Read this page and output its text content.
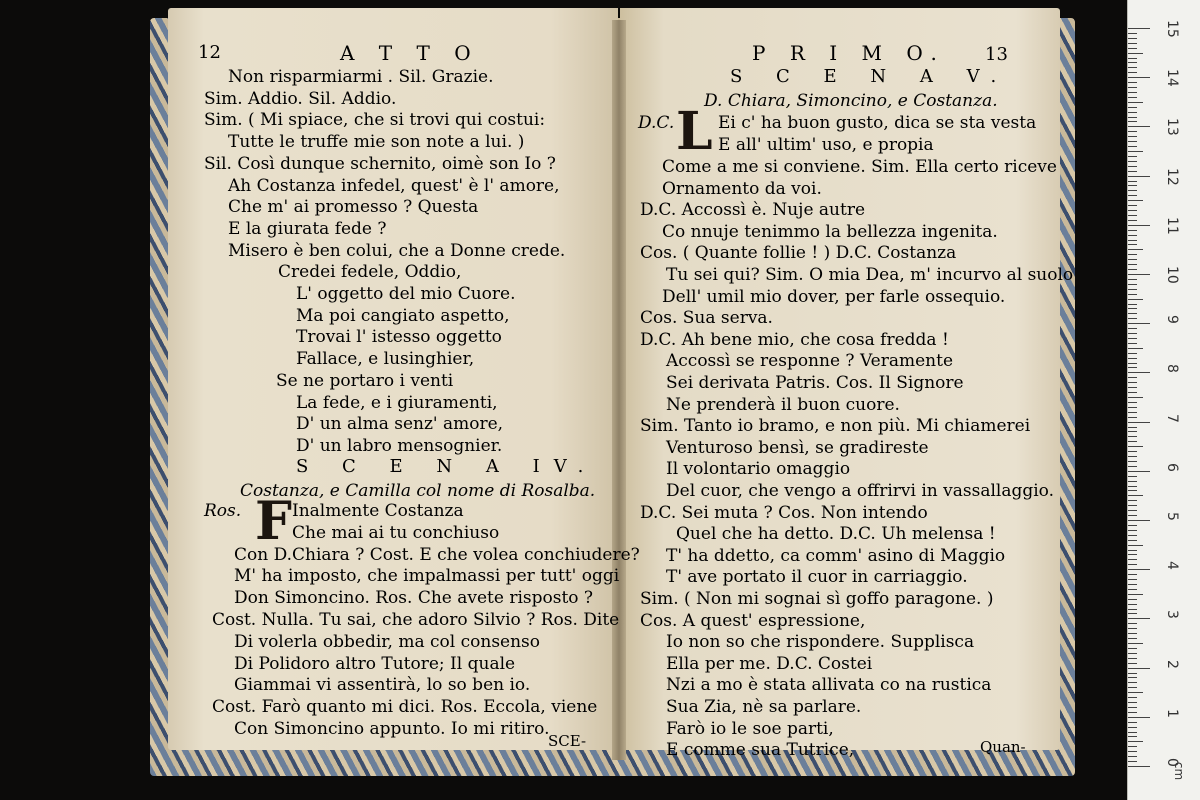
12	A T T O
Non risparmiarmi . Sil. Grazie.
Sim. Addio. Sil. Addio.
Sim. ( Mi spiace, che si trovi qui costui:
Tutte le truffe mie son note a lui. )
Sil. Così dunque schernito, oimè son Io ?
Ah Costanza infedel, quest' è l' amore,
Che m' ai promesso ? Questa
E la giurata fede ?
Misero è ben colui, che a Donne crede.
Credei fedele, Oddio,
L' oggetto del mio Cuore.
Ma poi cangiato aspetto,
Trovai l' istesso oggetto
Fallace, e lusinghier,
Se ne portaro i venti
La fede, e i giuramenti,
D' un alma senz' amore,
D' un labro mensognier.
S C E N A IV.
Costanza, e Camilla col nome di Rosalba.
Ros. F Inalmente Costanza
Che mai ai tu conchiuso
Con D.Chiara ? Cost. E che volea conchiudere?
M' ha imposto, che impalmassi per tutt' oggi
Don Simoncino. Ros. Che avete risposto ?
Cost. Nulla. Tu sai, che adoro Silvio ? Ros. Dite
Di volerla obbedir, ma col consenso
Di Polidoro altro Tutore; Il quale
Giammai vi assentirà, lo so ben io.
Cost. Farò quanto mi dici. Ros. Eccola, viene
Con Simoncino appunto. Io mi ritiro.
SCE-
P R I M O. 13
S C E N A V.
D. Chiara, Simoncino, e Costanza.
D.C. L Ei c' ha buon gusto, dica se sta vesta
E all' ultim' uso, e propia
Come a me si conviene. Sim. Ella certo riceve
Ornamento da voi.
D.C. Accossì è. Nuje autre
Co nnuje tenimmo la bellezza ingenita.
Cos. ( Quante follie ! ) D.C. Costanza
Tu sei qui? Sim. O mia Dea, m' incurvo al suolo
Dell' umil mio dover, per farle ossequio.
Cos. Sua serva.
D.C. Ah bene mio, che cosa fredda !
Accossì se responne ? Veramente
Sei derivata Patris. Cos. Il Signore
Ne prenderà il buon cuore.
Sim. Tanto io bramo, e non più. Mi chiamerei
Venturoso bensì, se gradireste
Il volontario omaggio
Del cuor, che vengo a offrirvi in vassallaggio.
D.C. Sei muta ? Cos. Non intendo
Quel che ha detto. D.C. Uh melensa !
T' ha ddetto, ca comm' asino di Maggio
T' ave portato il cuor in carriaggio.
Sim. ( Non mi sognai sì goffo paragone. )
Cos. A quest' espressione,
Io non so che rispondere. Supplisca
Ella per me. D.C. Costei
Nzi a mo è stata allivata co na rustica
Sua Zia, nè sa parlare.
Farò io le soe parti,
E comme sua Tutrice,	Quan-
15
14
13
12
11
10
9
8
7
6
5
4
3
2
1
0
cm
